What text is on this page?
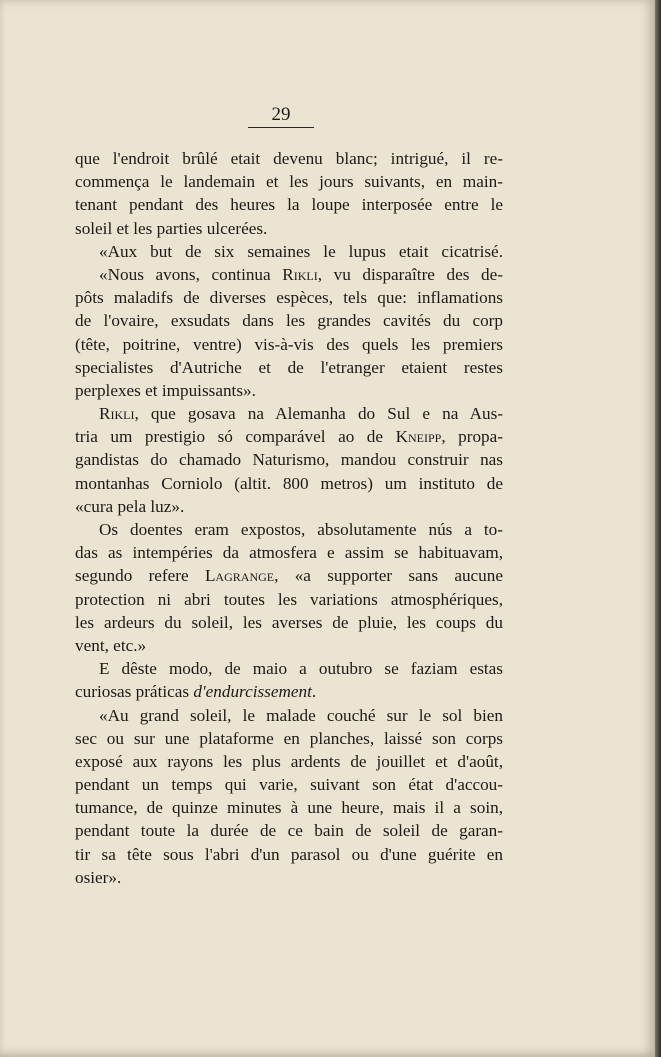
29
que l'endroit brûlé etait devenu blanc; intrigué, il re-
commença le landemain et les jours suivants, en main-
tenant pendant des heures la loupe interposée entre le
soleil et les parties ulcerées.
«Aux but de six semaines le lupus etait cicatrisé.
«Nous avons, continua Rikli, vu disparaître des de-
pôts maladifs de diverses espèces, tels que: inflamations
de l'ovaire, exsudats dans les grandes cavités du corp
(tête, poitrine, ventre) vis-à-vis des quels les premiers
specialistes d'Autriche et de l'etranger etaient restes
perplexes et impuissants».
Rikli, que gosava na Alemanha do Sul e na Aus-
tria um prestigio só comparável ao de Kneipp, propa-
gandistas do chamado Naturismo, mandou construir nas
montanhas Corniolo (altit. 800 metros) um instituto de
«cura pela luz».
Os doentes eram expostos, absolutamente nús a to-
das as intempéries da atmosfera e assim se habituavam,
segundo refere Lagrange, «a supporter sans aucune
protection ni abri toutes les variations atmosphériques,
les ardeurs du soleil, les averses de pluie, les coups du
vent, etc.»
E dêste modo, de maio a outubro se faziam estas
curiosas práticas d'endurcissement.
«Au grand soleil, le malade couché sur le sol bien
sec ou sur une plataforme en planches, laissé son corps
exposé aux rayons les plus ardents de jouillet et d'août,
pendant un temps qui varie, suivant son état d'accou-
tumance, de quinze minutes à une heure, mais il a soin,
pendant toute la durée de ce bain de soleil de garan-
tir sa tête sous l'abri d'un parasol ou d'une guérite en
osier».
